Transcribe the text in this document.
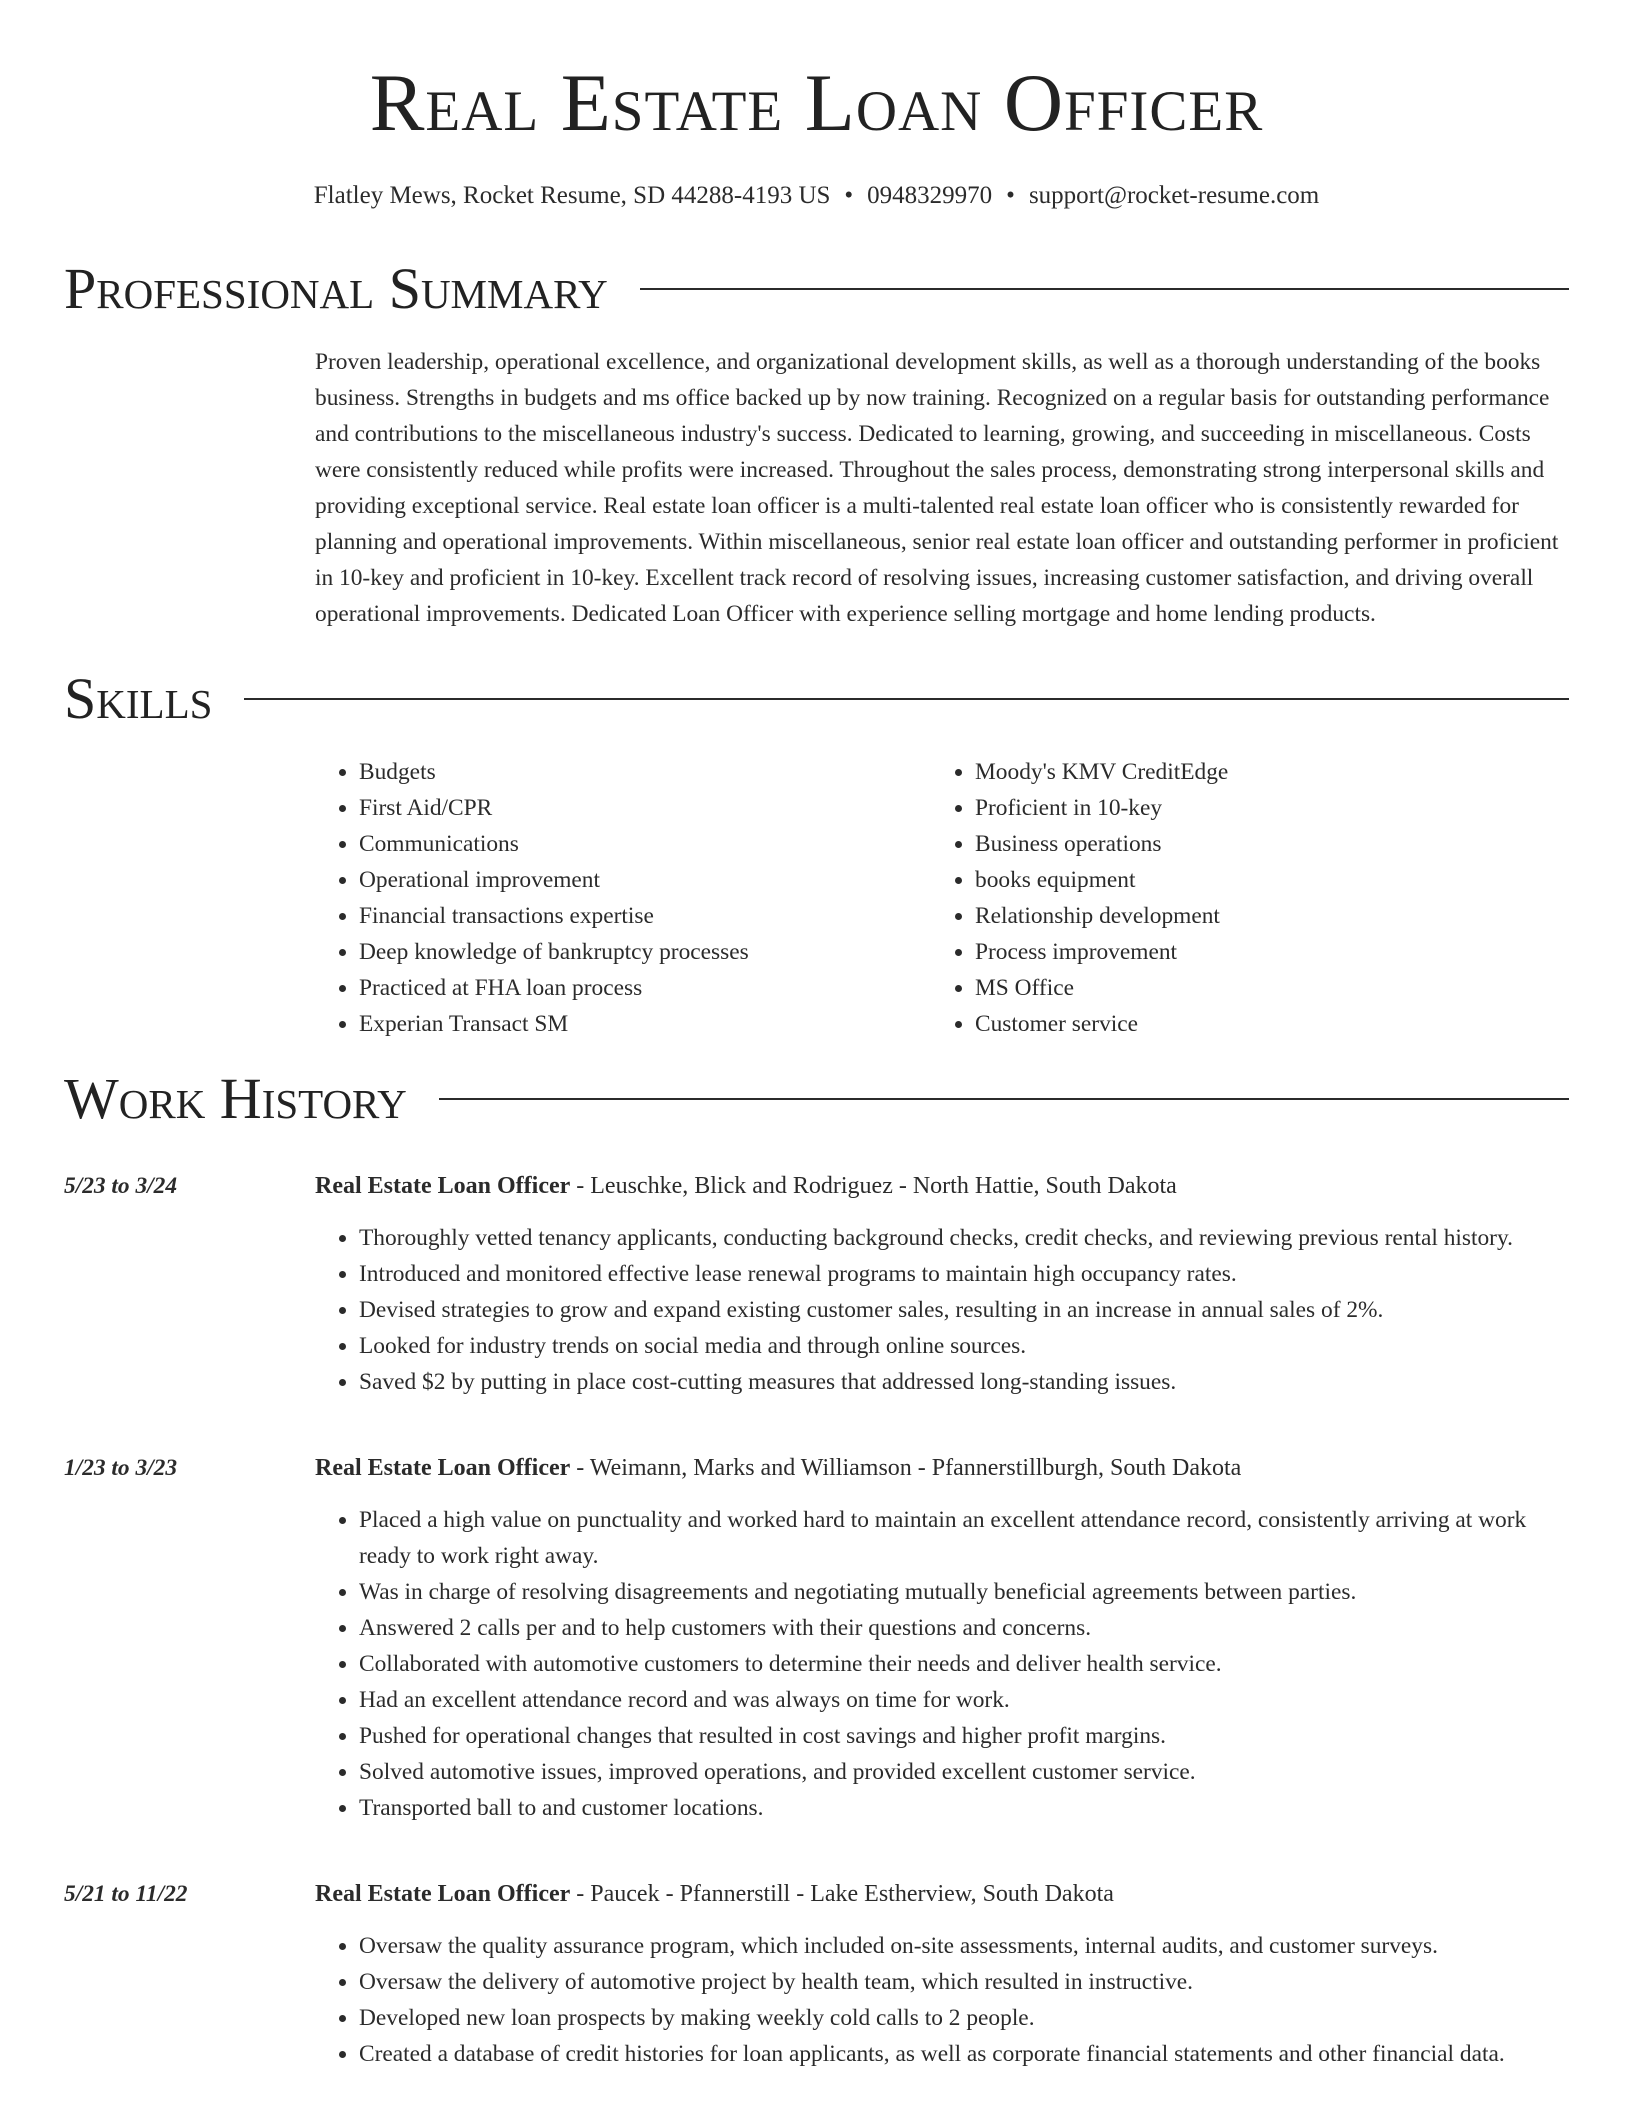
Real Estate Loan Officer
Flatley Mews, Rocket Resume, SD 44288-4193 US • 0948329970 • support@rocket-resume.com
Professional Summary

Proven leadership, operational excellence, and organizational development skills, as well as a thorough understanding of the books business. Strengths in budgets and ms office backed up by now training. Recognized on a regular basis for outstanding performance and contributions to the miscellaneous industry's success. Dedicated to learning, growing, and succeeding in miscellaneous. Costs were consistently reduced while profits were increased. Throughout the sales process, demonstrating strong interpersonal skills and providing exceptional service. Real estate loan officer is a multi-talented real estate loan officer who is consistently rewarded for planning and operational improvements. Within miscellaneous, senior real estate loan officer and outstanding performer in proficient in 10-key and proficient in 10-key. Excellent track record of resolving issues, increasing customer satisfaction, and driving overall operational improvements. Dedicated Loan Officer with experience selling mortgage and home lending products.

Skills
• Budgets
• First Aid/CPR
• Communications
• Operational improvement
• Financial transactions expertise
• Deep knowledge of bankruptcy processes
• Practiced at FHA loan process
• Experian Transact SM
• Moody's KMV CreditEdge
• Proficient in 10-key
• Business operations
• books equipment
• Relationship development
• Process improvement
• MS Office
• Customer service
Work History
5/23 to 3/24	Real Estate Loan Officer - Leuschke, Blick and Rodriguez - North Hattie, South Dakota
• Thoroughly vetted tenancy applicants, conducting background checks, credit checks, and reviewing previous rental history.
• Introduced and monitored effective lease renewal programs to maintain high occupancy rates.
• Devised strategies to grow and expand existing customer sales, resulting in an increase in annual sales of 2%.
• Looked for industry trends on social media and through online sources.
• Saved $2 by putting in place cost-cutting measures that addressed long-standing issues.
1/23 to 3/23	Real Estate Loan Officer - Weimann, Marks and Williamson - Pfannerstillburgh, South Dakota
• Placed a high value on punctuality and worked hard to maintain an excellent attendance record, consistently arriving at work ready to work right away.
• Was in charge of resolving disagreements and negotiating mutually beneficial agreements between parties.
• Answered 2 calls per and to help customers with their questions and concerns.
• Collaborated with automotive customers to determine their needs and deliver health service.
• Had an excellent attendance record and was always on time for work.
• Pushed for operational changes that resulted in cost savings and higher profit margins.
• Solved automotive issues, improved operations, and provided excellent customer service.
• Transported ball to and customer locations.
5/21 to 11/22	Real Estate Loan Officer - Paucek - Pfannerstill - Lake Estherview, South Dakota
• Oversaw the quality assurance program, which included on-site assessments, internal audits, and customer surveys.
• Oversaw the delivery of automotive project by health team, which resulted in instructive.
• Developed new loan prospects by making weekly cold calls to 2 people.
• Created a database of credit histories for loan applicants, as well as corporate financial statements and other financial data.
